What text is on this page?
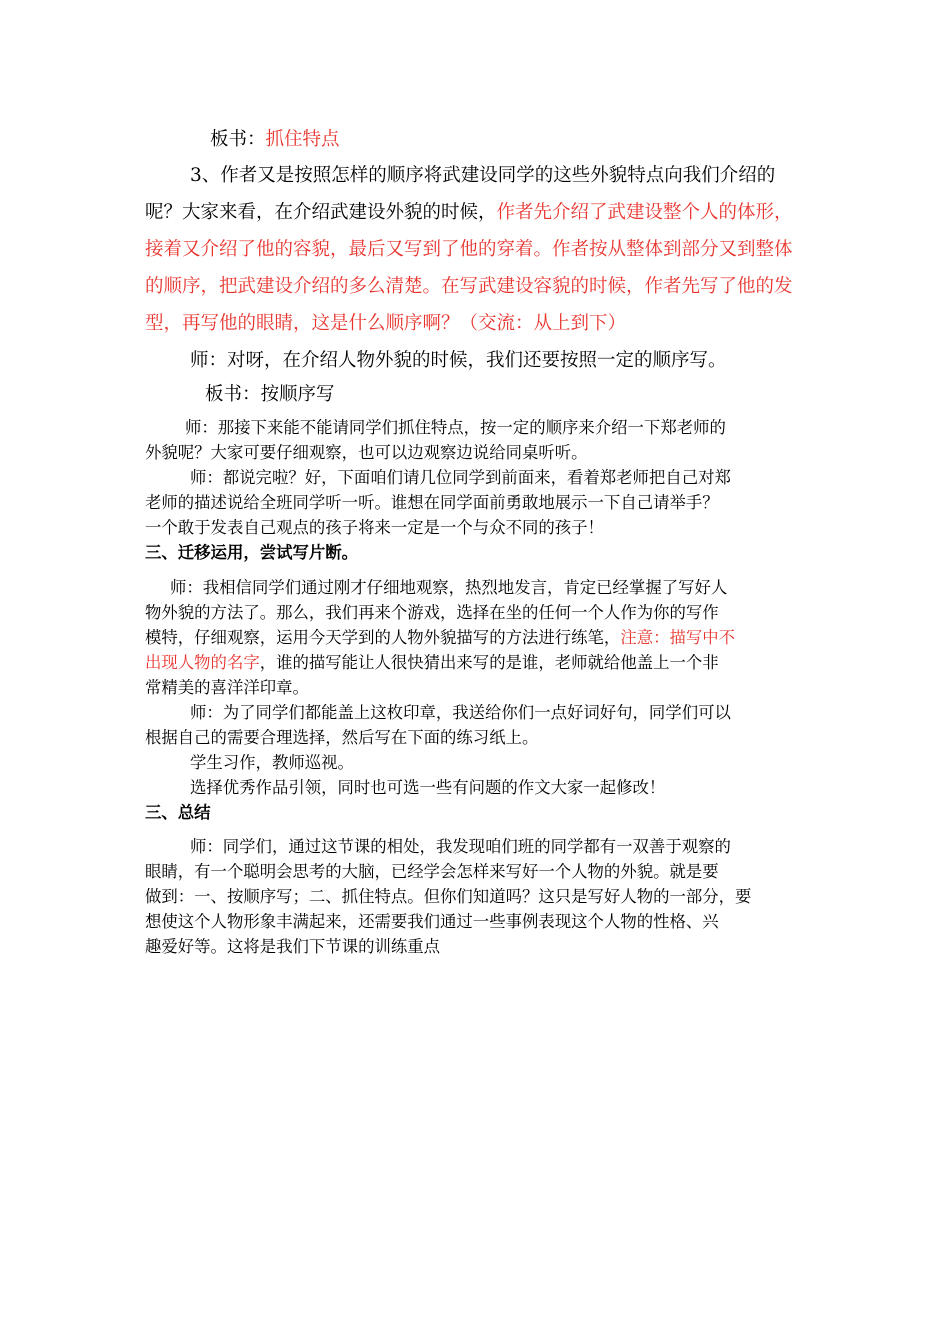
板书：抓住特点
3、作者又是按照怎样的顺序将武建设同学的这些外貌特点向我们介绍的
呢？大家来看，在介绍武建设外貌的时候，作者先介绍了武建设整个人的体形，
接着又介绍了他的容貌，最后又写到了他的穿着。作者按从整体到部分又到整体
的顺序，把武建设介绍的多么清楚。在写武建设容貌的时候，作者先写了他的发
型，再写他的眼睛，这是什么顺序啊？（交流：从上到下）
师：对呀，在介绍人物外貌的时候，我们还要按照一定的顺序写。
板书：按顺序写
师：那接下来能不能请同学们抓住特点，按一定的顺序来介绍一下郑老师的
外貌呢？大家可要仔细观察，也可以边观察边说给同桌听听。
师：都说完啦？好，下面咱们请几位同学到前面来，看着郑老师把自己对郑
老师的描述说给全班同学听一听。谁想在同学面前勇敢地展示一下自己请举手？
一个敢于发表自己观点的孩子将来一定是一个与众不同的孩子！
三、迁移运用，尝试写片断。
师：我相信同学们通过刚才仔细地观察，热烈地发言，肯定已经掌握了写好人
物外貌的方法了。那么，我们再来个游戏，选择在坐的任何一个人作为你的写作
模特，仔细观察，运用今天学到的人物外貌描写的方法进行练笔，注意：描写中不
出现人物的名字，谁的描写能让人很快猜出来写的是谁，老师就给他盖上一个非
常精美的喜洋洋印章。
师：为了同学们都能盖上这枚印章，我送给你们一点好词好句，同学们可以
根据自己的需要合理选择，然后写在下面的练习纸上。
学生习作，教师巡视。
选择优秀作品引领，同时也可选一些有问题的作文大家一起修改！
三、总结
师：同学们，通过这节课的相处，我发现咱们班的同学都有一双善于观察的
眼睛，有一个聪明会思考的大脑，已经学会怎样来写好一个人物的外貌。就是要
做到：一、按顺序写；二、抓住特点。但你们知道吗？这只是写好人物的一部分，要
想使这个人物形象丰满起来，还需要我们通过一些事例表现这个人物的性格、兴
趣爱好等。这将是我们下节课的训练重点
